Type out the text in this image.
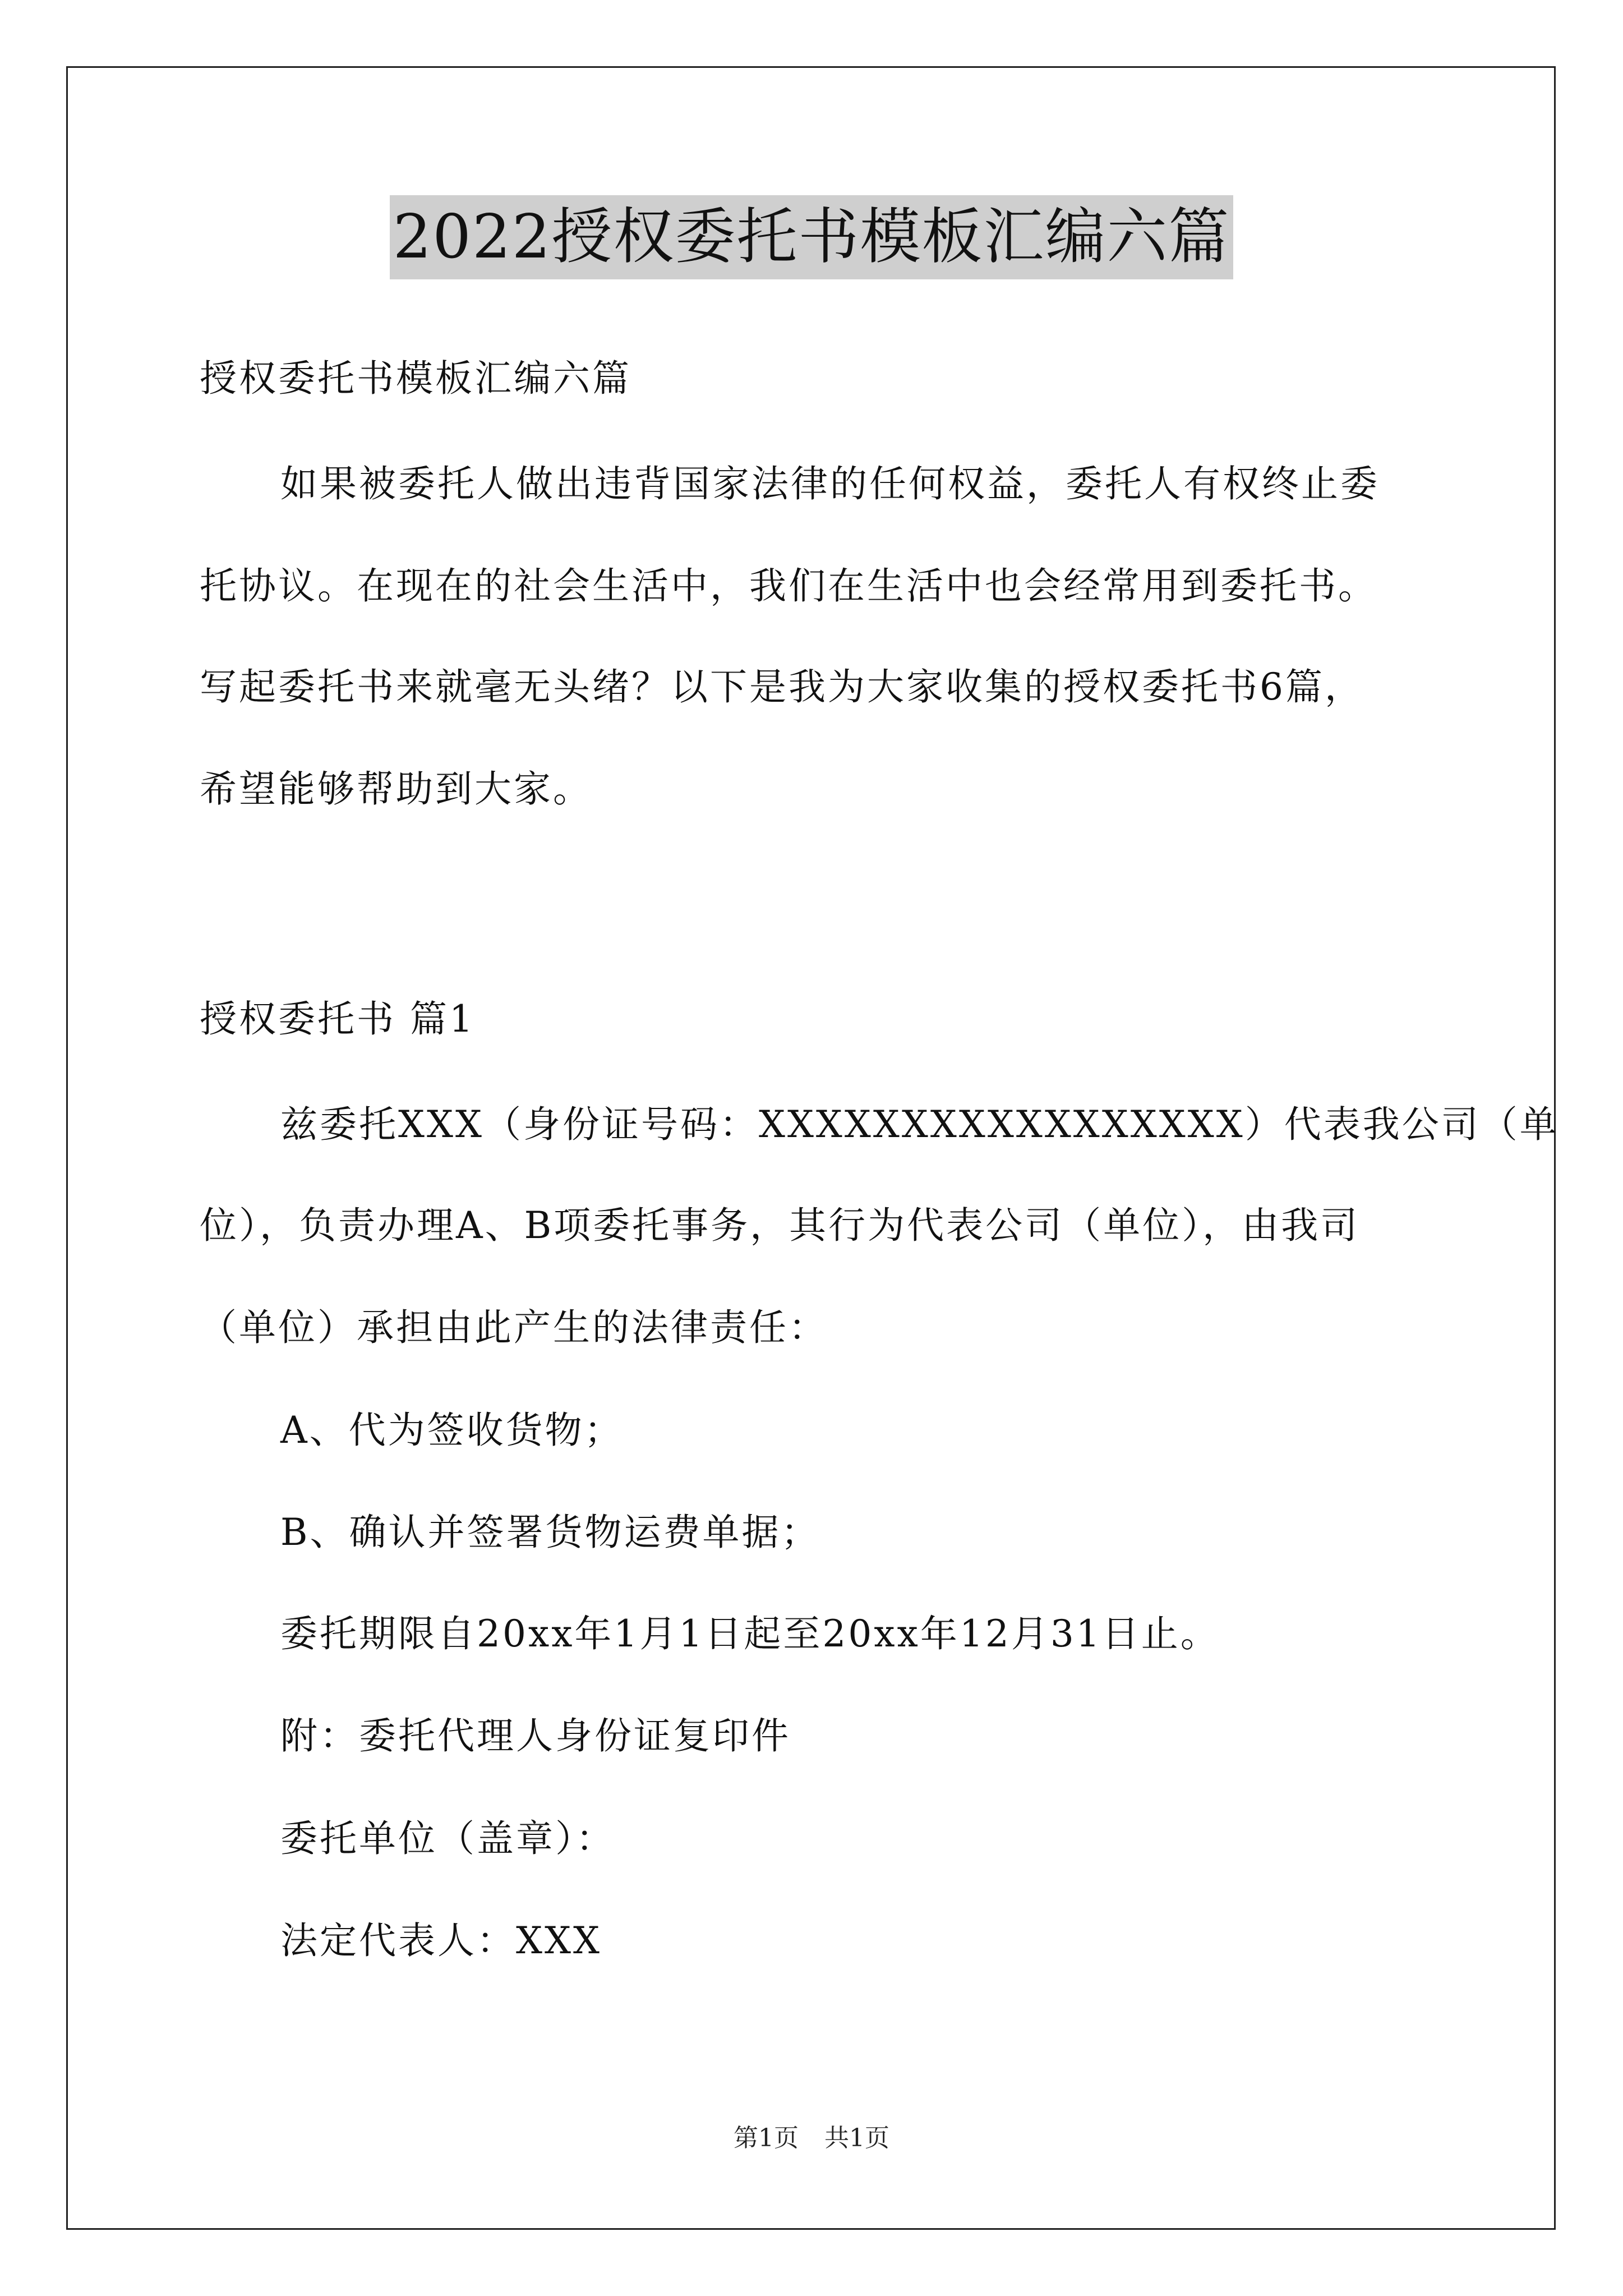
2022授权委托书模板汇编六篇
授权委托书模板汇编六篇
如果被委托人做出违背国家法律的任何权益，委托人有权终止委
托协议。在现在的社会生活中，我们在生活中也会经常用到委托书。
写起委托书来就毫无头绪？以下是我为大家收集的授权委托书6篇，
希望能够帮助到大家。
授权委托书 篇1
兹委托XXX（身份证号码：XXXXXXXXXXXXXXXXX）代表我公司（单
位），负责办理A、B项委托事务，其行为代表公司（单位），由我司
（单位）承担由此产生的法律责任：
A、代为签收货物；
B、确认并签署货物运费单据；
委托期限自20xx年1月1日起至20xx年12月31日止。
附：委托代理人身份证复印件
委托单位（盖章）：
法定代表人：XXX
第1页 共1页
